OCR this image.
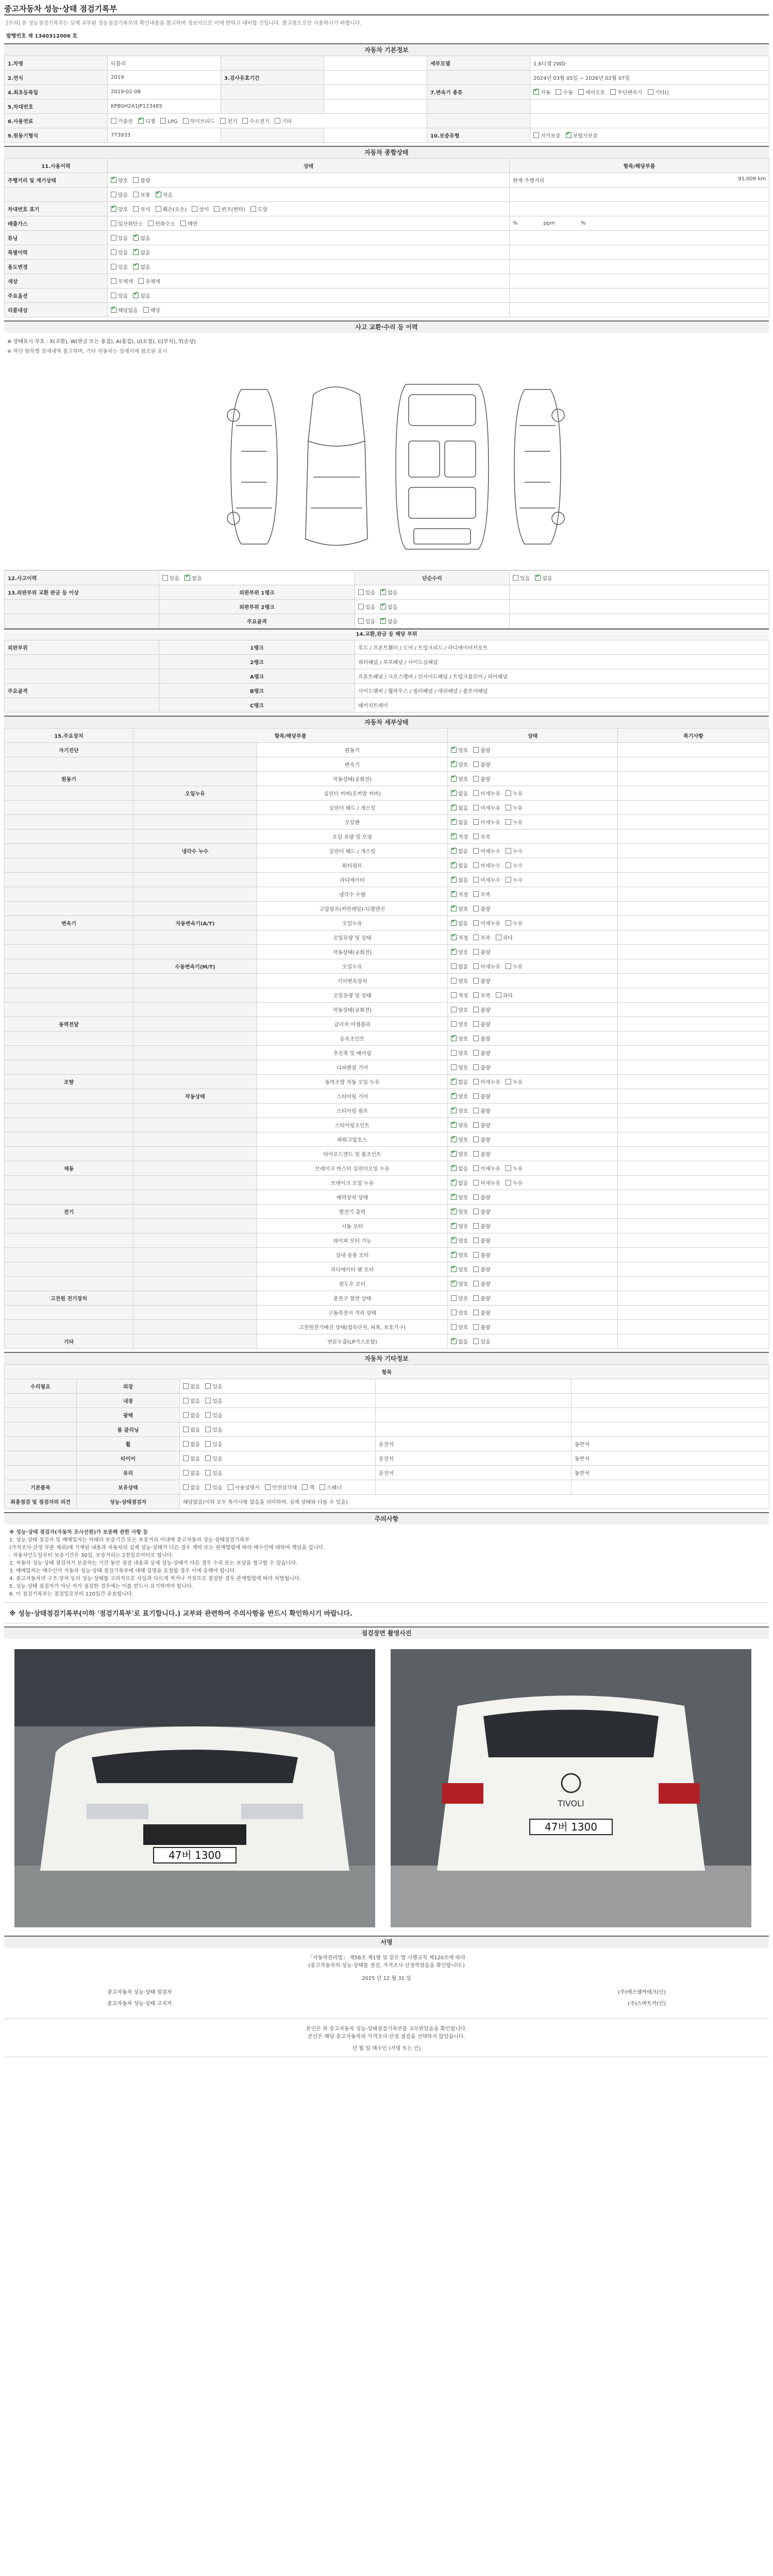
중고자동차 성능·상태 점검기록부
[주의] 본 성능점검기록부는 실제 교부된 성능점검기록부의 확인내용을 참고하며 정보이므로 이에 한하고 대비합 건입니다. 참고용도로만 사용하시기 바랍니다.
발행번호 제 1340312006 호
자동차 기본정보
1.차명	티볼리			세부모델	1.6디젤 2WD
2.연식	2019	3.검사유효기간			2024년 03월 05일 ~ 2026년 02월 07일
4.최초등록일	2019-02-08			7.변속기 종류	✔자동 수동 세미오토 무단변속기 기타()
5.차대번호	KPBSH2A1JP123485				
6.사용연료	가솔린 ✔ 디젤 LPG 하이브리드 전기 수소전기 기타		
9.원동기형식	773933			10.보증유형	자가보증 ✔ 보험사보증
자동차 종합상태
11.사용이력	상태	항목/해당부품
주행거리 및 계기상태	✔양호 불량	현재 주행거리 91,009 km

	많음 보통 ✔ 적음	
차대번호 표기	✔양호 부식 훼손(오손) 상이 변조(변타) 도말	
배출가스	일산화탄소 탄화수소 매연	% ppm %
튜닝	있음 ✔ 없음	
특별이력	있음 ✔ 없음	
용도변경	있음 ✔ 없음	
색상	무채색 유채색	
주요옵션	있음 ✔ 없음	
리콜대상	✔해당없음 해당	
사고 교환·수리 등 이력
※ 상태표시 부호 : X(교환), W(판금 또는 용접), A(흠집), U(요철), C(부식), T(손상)
※ 하단 항목별 상세내역 참고하며, 기타 자동차는 상세지에 참조된 표시
12.사고이력	있음 ✔ 없음	단순수리	있음 ✔ 없음
13.외판부위 교환 판금 등 이상	외판부위 1랭크	있음 ✔ 없음	
	외판부위 2랭크	있음 ✔ 없음	
	주요골격	있음 ✔ 없음	
14.교환,판금 등 해당 부위
외판부위	1랭크	후드 / 프론트휀더 / 도어 / 트렁크리드 / 라디에이터서포트
	2랭크	쿼터패널 / 루프패널 / 사이드실패널
	A랭크	프론트패널 / 크로스멤버 / 인사이드패널 / 트렁크플로어 / 리어패널
주요골격	B랭크	사이드멤버 / 휠하우스 / 필러패널 / 대쉬패널 / 플로어패널
	C랭크	패키지트레이
자동차 세부상태
15.주요장치	항목/해당부품		상태	특기사항
자기진단		원동기	✔양호 불량	
		변속기	✔양호 불량	
원동기		작동상태(공회전)	✔양호 불량	
	오일누유	실린더 커버(로커암 커버)	✔없음 미세누유 누유	
		실린더 헤드 / 개스킷	✔없음 미세누유 누유	
		오일팬	✔없음 미세누유 누유	
		오일 유량 및 오염	✔적정 부족	
	냉각수 누수	실린더 헤드 / 개스킷	✔없음 미세누수 누수	
		워터펌프	✔없음 미세누수 누수	
		라디에이터	✔없음 미세누수 누수	
		냉각수 수량	✔적정 부족	
		고압펌프(커먼레일)-디젤엔진	✔양호 불량	
변속기	자동변속기(A/T)	오일누유	✔없음 미세누유 누유	
		오일유량 및 상태	✔적정 부족 과다	
		작동상태(공회전)	✔양호 불량	
	수동변속기(M/T)	오일누유	없음 미세누유 누유	
		기어변속장치	양호 불량	
		오일유량 및 상태	적정 부족 과다	
		작동상태(공회전)	양호 불량	
동력전달		클러치 어셈블리	양호 불량	
		등속조인트	✔양호 불량	
		추진축 및 베어링	양호 불량	
		디퍼렌셜 기어	양호 불량	
조향		동력조향 작동 오일 누유	✔없음 미세누유 누유	
	작동상태	스티어링 기어	✔양호 불량	
		스티어링 펌프	✔양호 불량	
		스티어링조인트	✔양호 불량	
		파워고압호스	✔양호 불량	
		타이로드엔드 및 볼조인트	✔양호 불량	
제동		브레이크 마스터 실린더오일 누유	✔없음 미세누유 누유	
		브레이크 오일 누유	✔없음 미세누유 누유	
		배력장치 상태	✔양호 불량	
전기		발전기 출력	✔양호 불량	
		시동 모터	✔양호 불량	
		와이퍼 모터 기능	✔양호 불량	
		실내 송풍 모터	✔양호 불량	
		라디에이터 팬 모터	✔양호 불량	
		윈도우 모터	✔양호 불량	
고전원 전기장치		충전구 절연 상태	양호 불량	
		구동축전지 격리 상태	양호 불량	
		고전원전기배선 상태(접속단자, 피복, 보호기구)	양호 불량	
기타		연료누출(LP가스포함)	✔없음 있음	
자동차 기타정보
항목				
수리필요	외장	없음 있음		
	내장	없음 있음		
	광택	없음 있음		
	룸 클리닝	없음 있음		
	휠	없음 있음	운전석	동반석
	타이어	없음 있음	운전석	동반석
	유리	없음 있음	운전석	동반석
기본품목	보유상태	없음 있음 사용설명서 안전삼각대 잭 스패너		
최종점검 및 점검자의 의견	성능·상태점검자	해당없음(이하 모두 특이사항 없음을 의미하며, 실제 상태와 다를 수 있음)		
주의사항
※ 성능·상태 점검자(자동차 조사선원)가 보증해 관한 사항 등
1. 성능·상태 점검자 및 매매업자는 아래의 보증기간 또는 보증거리 이내에 중고자동차 성능·상태점검기록부
(가격조사·산정 부분 제외)에 기재된 내용과 자동차의 실제 성능·상태가 다른 경우 계약 또는 관계법령에 따라 매수인에 대하여 책임을 집니다.
- 자동차인도일부터 보증기간은 30일, 보증거리는 2천킬로미터로 합니다.
2. 자동차 성능·상태 점검자가 보증하는 기간 동안 점검 내용과 실제 성능·상태가 다른 경우 수리 또는 보상을 청구할 수 있습니다.
3. 매매업자는 매수인이 자동차 성능·상태 점검기록부에 대해 설명을 요청할 경우 이에 응해야 합니다.
4. 중고자동차의 구조·장치 등의 성능·상태를 고의적으로 사실과 다르게 적거나 거짓으로 점검한 경우 관계법령에 따라 처벌됩니다.
5. 성능·상태 점검자가 아닌 자가 점검한 경우에는 이를 반드시 표기하여야 합니다.
6. 이 점검기록부는 점검일로부터 120일간 유효합니다.
※ 성능·상태점검기록부(이하 '점검기록부'로 표기합니다.) 교부와 관련하여 주의사항을 반드시 확인하시기 바랍니다.
점검장면 촬영사진
47버 1300
TIVOLI
47버 1300
서명
「자동차관리법」 제58조 제1항 및 같은 법 시행규칙 제120조에 따라
(중고자동차의 성능·상태를 점검, 가격조사·산정하였음을 확인합니다.)
2025 년 12 월 31 일
중고자동차 성능·상태 점검자	(주)에스엠카테크(인)
중고자동차 성능·상태 고지자	(주)스마트카(인)
본인은 위 중고자동차 성능·상태점검기록부를 교부받았음을 확인합니다.
본인은 해당 중고자동차의 가격조사·산정 점검을 선택하지 않았습니다.
년 월 일 매수인 (서명 또는 인)
